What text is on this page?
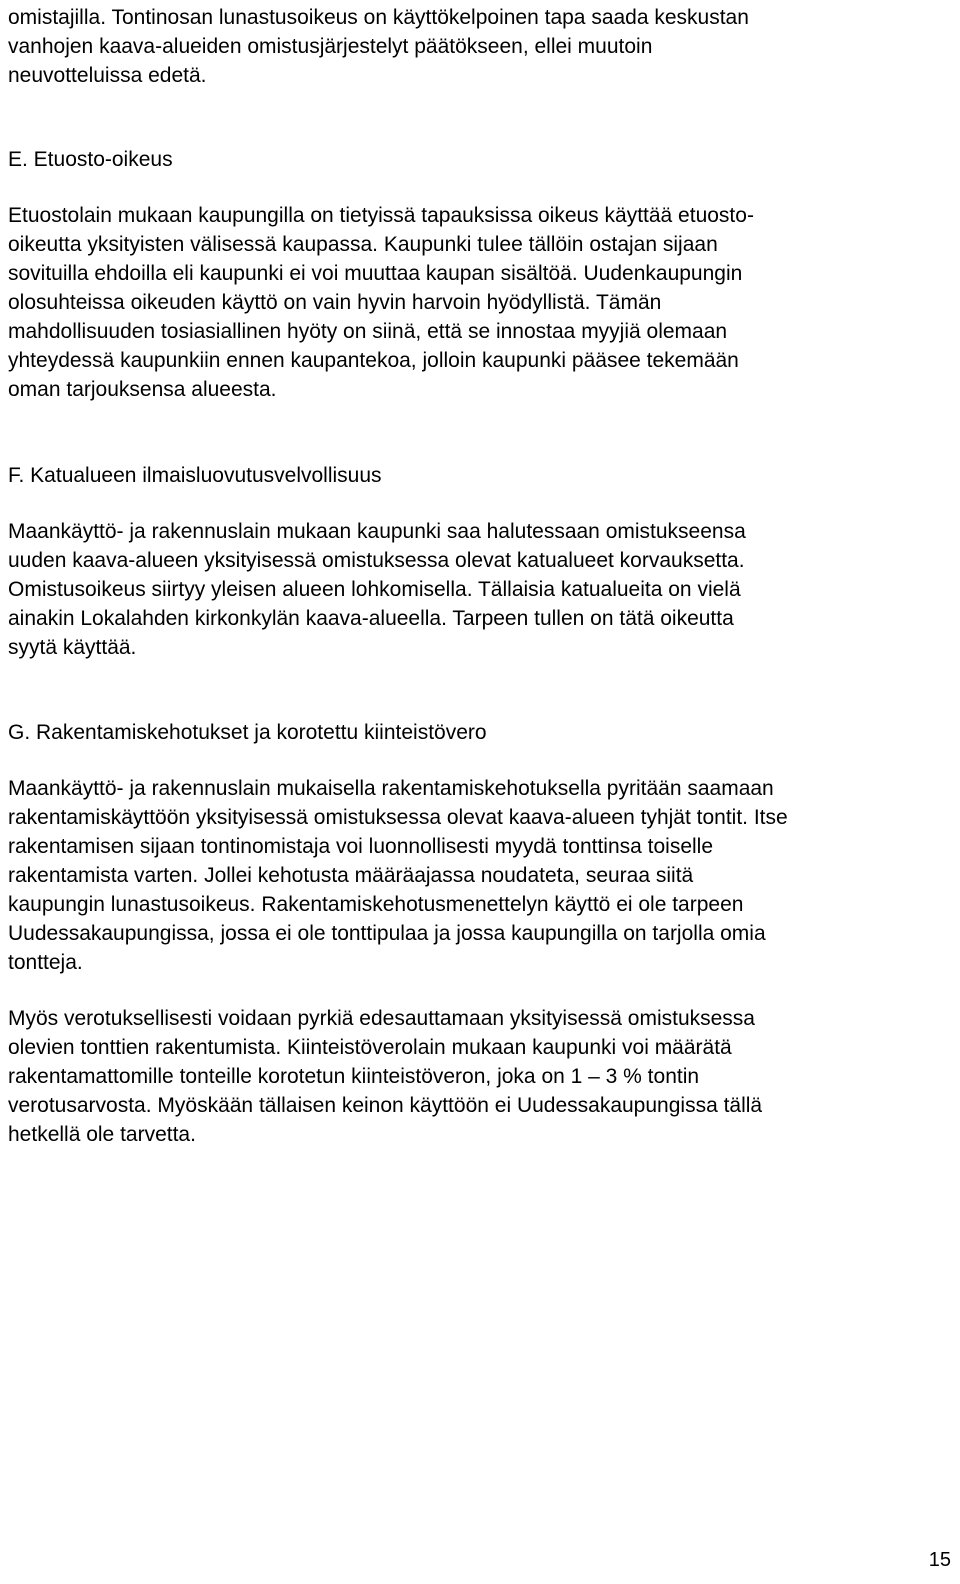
omistajilla. Tontinosan lunastusoikeus on käyttökelpoinen tapa saada keskustan
vanhojen kaava-alueiden omistusjärjestelyt päätökseen, ellei muutoin
neuvotteluissa edetä.
E. Etuosto-oikeus
Etuostolain mukaan kaupungilla on tietyissä tapauksissa oikeus käyttää etuosto-
oikeutta yksityisten välisessä kaupassa. Kaupunki tulee tällöin ostajan sijaan
sovituilla ehdoilla eli kaupunki ei voi muuttaa kaupan sisältöä. Uudenkaupungin
olosuhteissa oikeuden käyttö on vain hyvin harvoin hyödyllistä. Tämän
mahdollisuuden tosiasiallinen hyöty on siinä, että se innostaa myyjiä olemaan
yhteydessä kaupunkiin ennen kaupantekoa, jolloin kaupunki pääsee tekemään
oman tarjouksensa alueesta.
F. Katualueen ilmaisluovutusvelvollisuus
Maankäyttö- ja rakennuslain mukaan kaupunki saa halutessaan omistukseensa
uuden kaava-alueen yksityisessä omistuksessa olevat katualueet korvauksetta.
Omistusoikeus siirtyy yleisen alueen lohkomisella. Tällaisia katualueita on vielä
ainakin Lokalahden kirkonkylän kaava-alueella. Tarpeen tullen on tätä oikeutta
syytä käyttää.
G. Rakentamiskehotukset ja korotettu kiinteistövero
Maankäyttö- ja rakennuslain mukaisella rakentamiskehotuksella pyritään saamaan
rakentamiskäyttöön yksityisessä omistuksessa olevat kaava-alueen tyhjät tontit. Itse
rakentamisen sijaan tontinomistaja voi luonnollisesti myydä tonttinsa toiselle
rakentamista varten. Jollei kehotusta määräajassa noudateta, seuraa siitä
kaupungin lunastusoikeus. Rakentamiskehotusmenettelyn käyttö ei ole tarpeen
Uudessakaupungissa, jossa ei ole tonttipulaa ja jossa kaupungilla on tarjolla omia
tontteja.
Myös verotuksellisesti voidaan pyrkiä edesauttamaan yksityisessä omistuksessa
olevien tonttien rakentumista. Kiinteistöverolain mukaan kaupunki voi määrätä
rakentamattomille tonteille korotetun kiinteistöveron, joka on 1 – 3 % tontin
verotusarvosta. Myöskään tällaisen keinon käyttöön ei Uudessakaupungissa tällä
hetkellä ole tarvetta.
15
